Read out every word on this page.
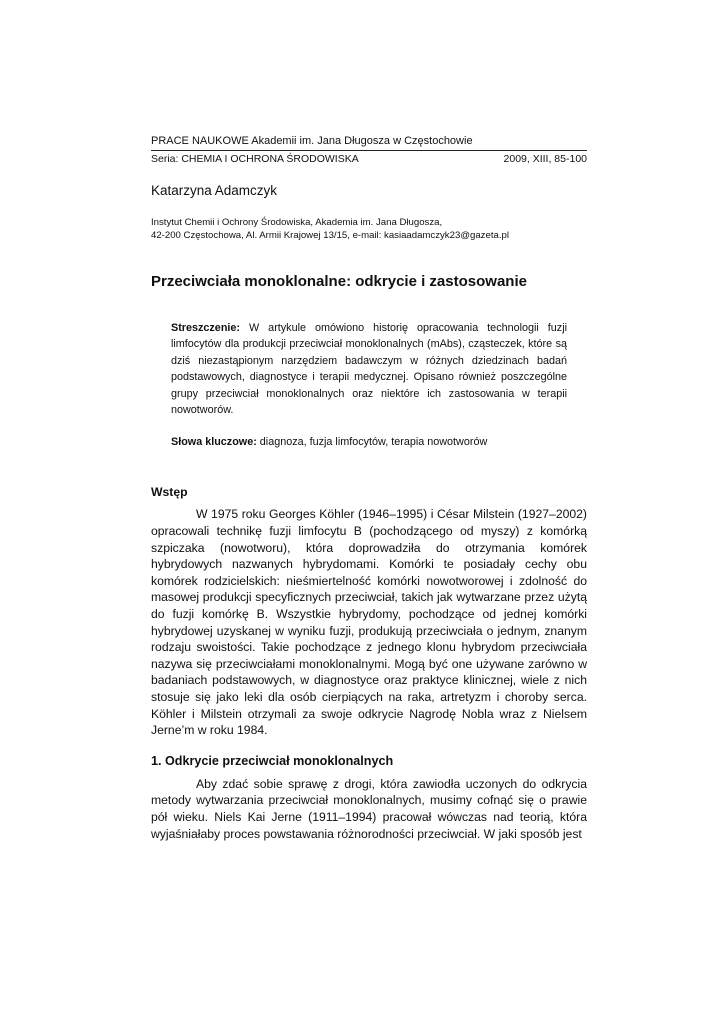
PRACE NAUKOWE Akademii im. Jana Długosza w Częstochowie
Seria: CHEMIA I OCHRONA ŚRODOWISKA	2009, XIII, 85-100
Katarzyna Adamczyk
Instytut Chemii i Ochrony Środowiska, Akademia im. Jana Długosza,
42-200 Częstochowa, Al. Armii Krajowej 13/15, e-mail: kasiaadamczyk23@gazeta.pl
Przeciwciała monoklonalne: odkrycie i zastosowanie
Streszczenie: W artykule omówiono historię opracowania technologii fuzji limfocytów dla produkcji przeciwciał monoklonalnych (mAbs), cząsteczek, które są dziś niezastąpionym narzędziem badawczym w różnych dziedzinach badań podstawowych, diagnostyce i terapii medycznej. Opisano również poszczególne grupy przeciwciał monoklonalnych oraz niektóre ich zastosowania w terapii nowotworów.
Słowa kluczowe: diagnoza, fuzja limfocytów, terapia nowotworów
Wstęp
W 1975 roku Georges Köhler (1946–1995) i César Milstein (1927–2002) opracowali technikę fuzji limfocytu B (pochodzącego od myszy) z komórką szpiczaka (nowotworu), która doprowadziła do otrzymania komórek hybrydowych nazwanych hybrydomami. Komórki te posiadały cechy obu komórek rodzicielskich: nieśmiertelność komórki nowotworowej i zdolność do masowej produkcji specyficznych przeciwciał, takich jak wytwarzane przez użytą do fuzji komórkę B. Wszystkie hybrydomy, pochodzące od jednej komórki hybrydowej uzyskanej w wyniku fuzji, produkują przeciwciała o jednym, znanym rodzaju swoistości. Takie pochodzące z jednego klonu hybrydom przeciwciała nazywa się przeciwciałami monoklonalnymi. Mogą być one używane zarówno w badaniach podstawowych, w diagnostyce oraz praktyce klinicznej, wiele z nich stosuje się jako leki dla osób cierpiących na raka, artretyzm i choroby serca. Köhler i Milstein otrzymali za swoje odkrycie Nagrodę Nobla wraz z Nielsem Jerne’m w roku 1984.
1. Odkrycie przeciwciał monoklonalnych
Aby zdać sobie sprawę z drogi, która zawiodła uczonych do odkrycia metody wytwarzania przeciwciał monoklonalnych, musimy cofnąć się o prawie pół wieku. Niels Kai Jerne (1911–1994) pracował wówczas nad teorią, która wyjaśniałaby proces powstawania różnorodności przeciwciał. W jaki sposób jest
